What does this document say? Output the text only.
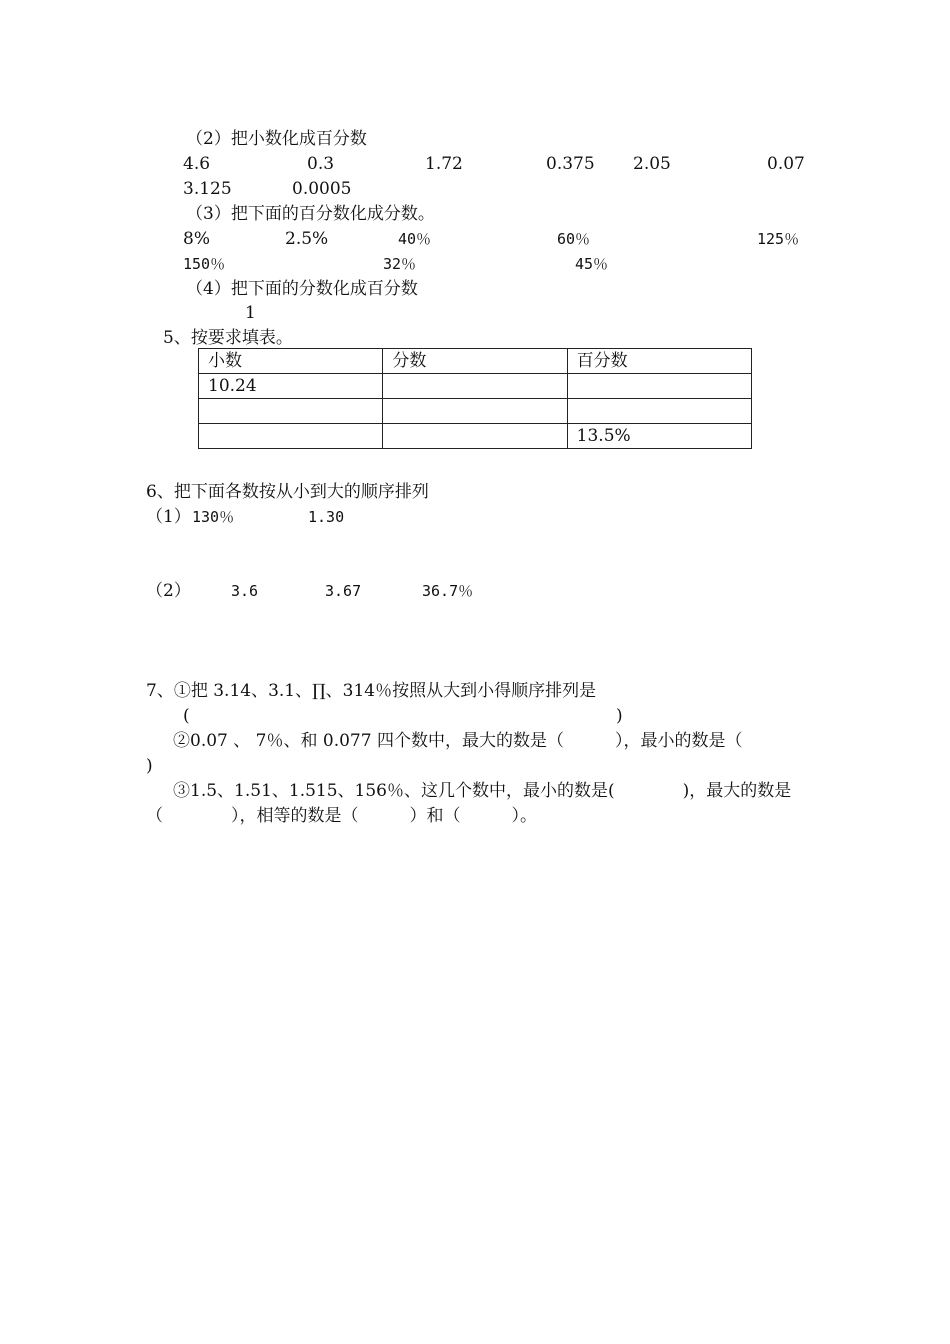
（2）把小数化成百分数
4.6	0.3	1.72	0.375 2.05	0.07
3.125	0.0005
（3）把下面的百分数化成分数。
8%	2.5%	40％	60％	125％
150％	32％	45％
（4）把下面的分数化成百分数
1
5、按要求填表。
小数	分数	百分数
10.24		

		13.5%
6、把下面各数按从小到大的顺序排列
（1） 130％	1.30
（2）	3.6	3.67	36.7％
7、①把 3.14、3.1、∏、314％按照从大到小得顺序排列是
(	)
②0.07 、 7％、和 0.077 四个数中，最大的数是（　　　），最小的数是（
)
③1.5、1.51、1.515、156％、这几个数中，最小的数是(　　　　)，最大的数是
（　　　　），相等的数是（　　　）和（　　　）。
